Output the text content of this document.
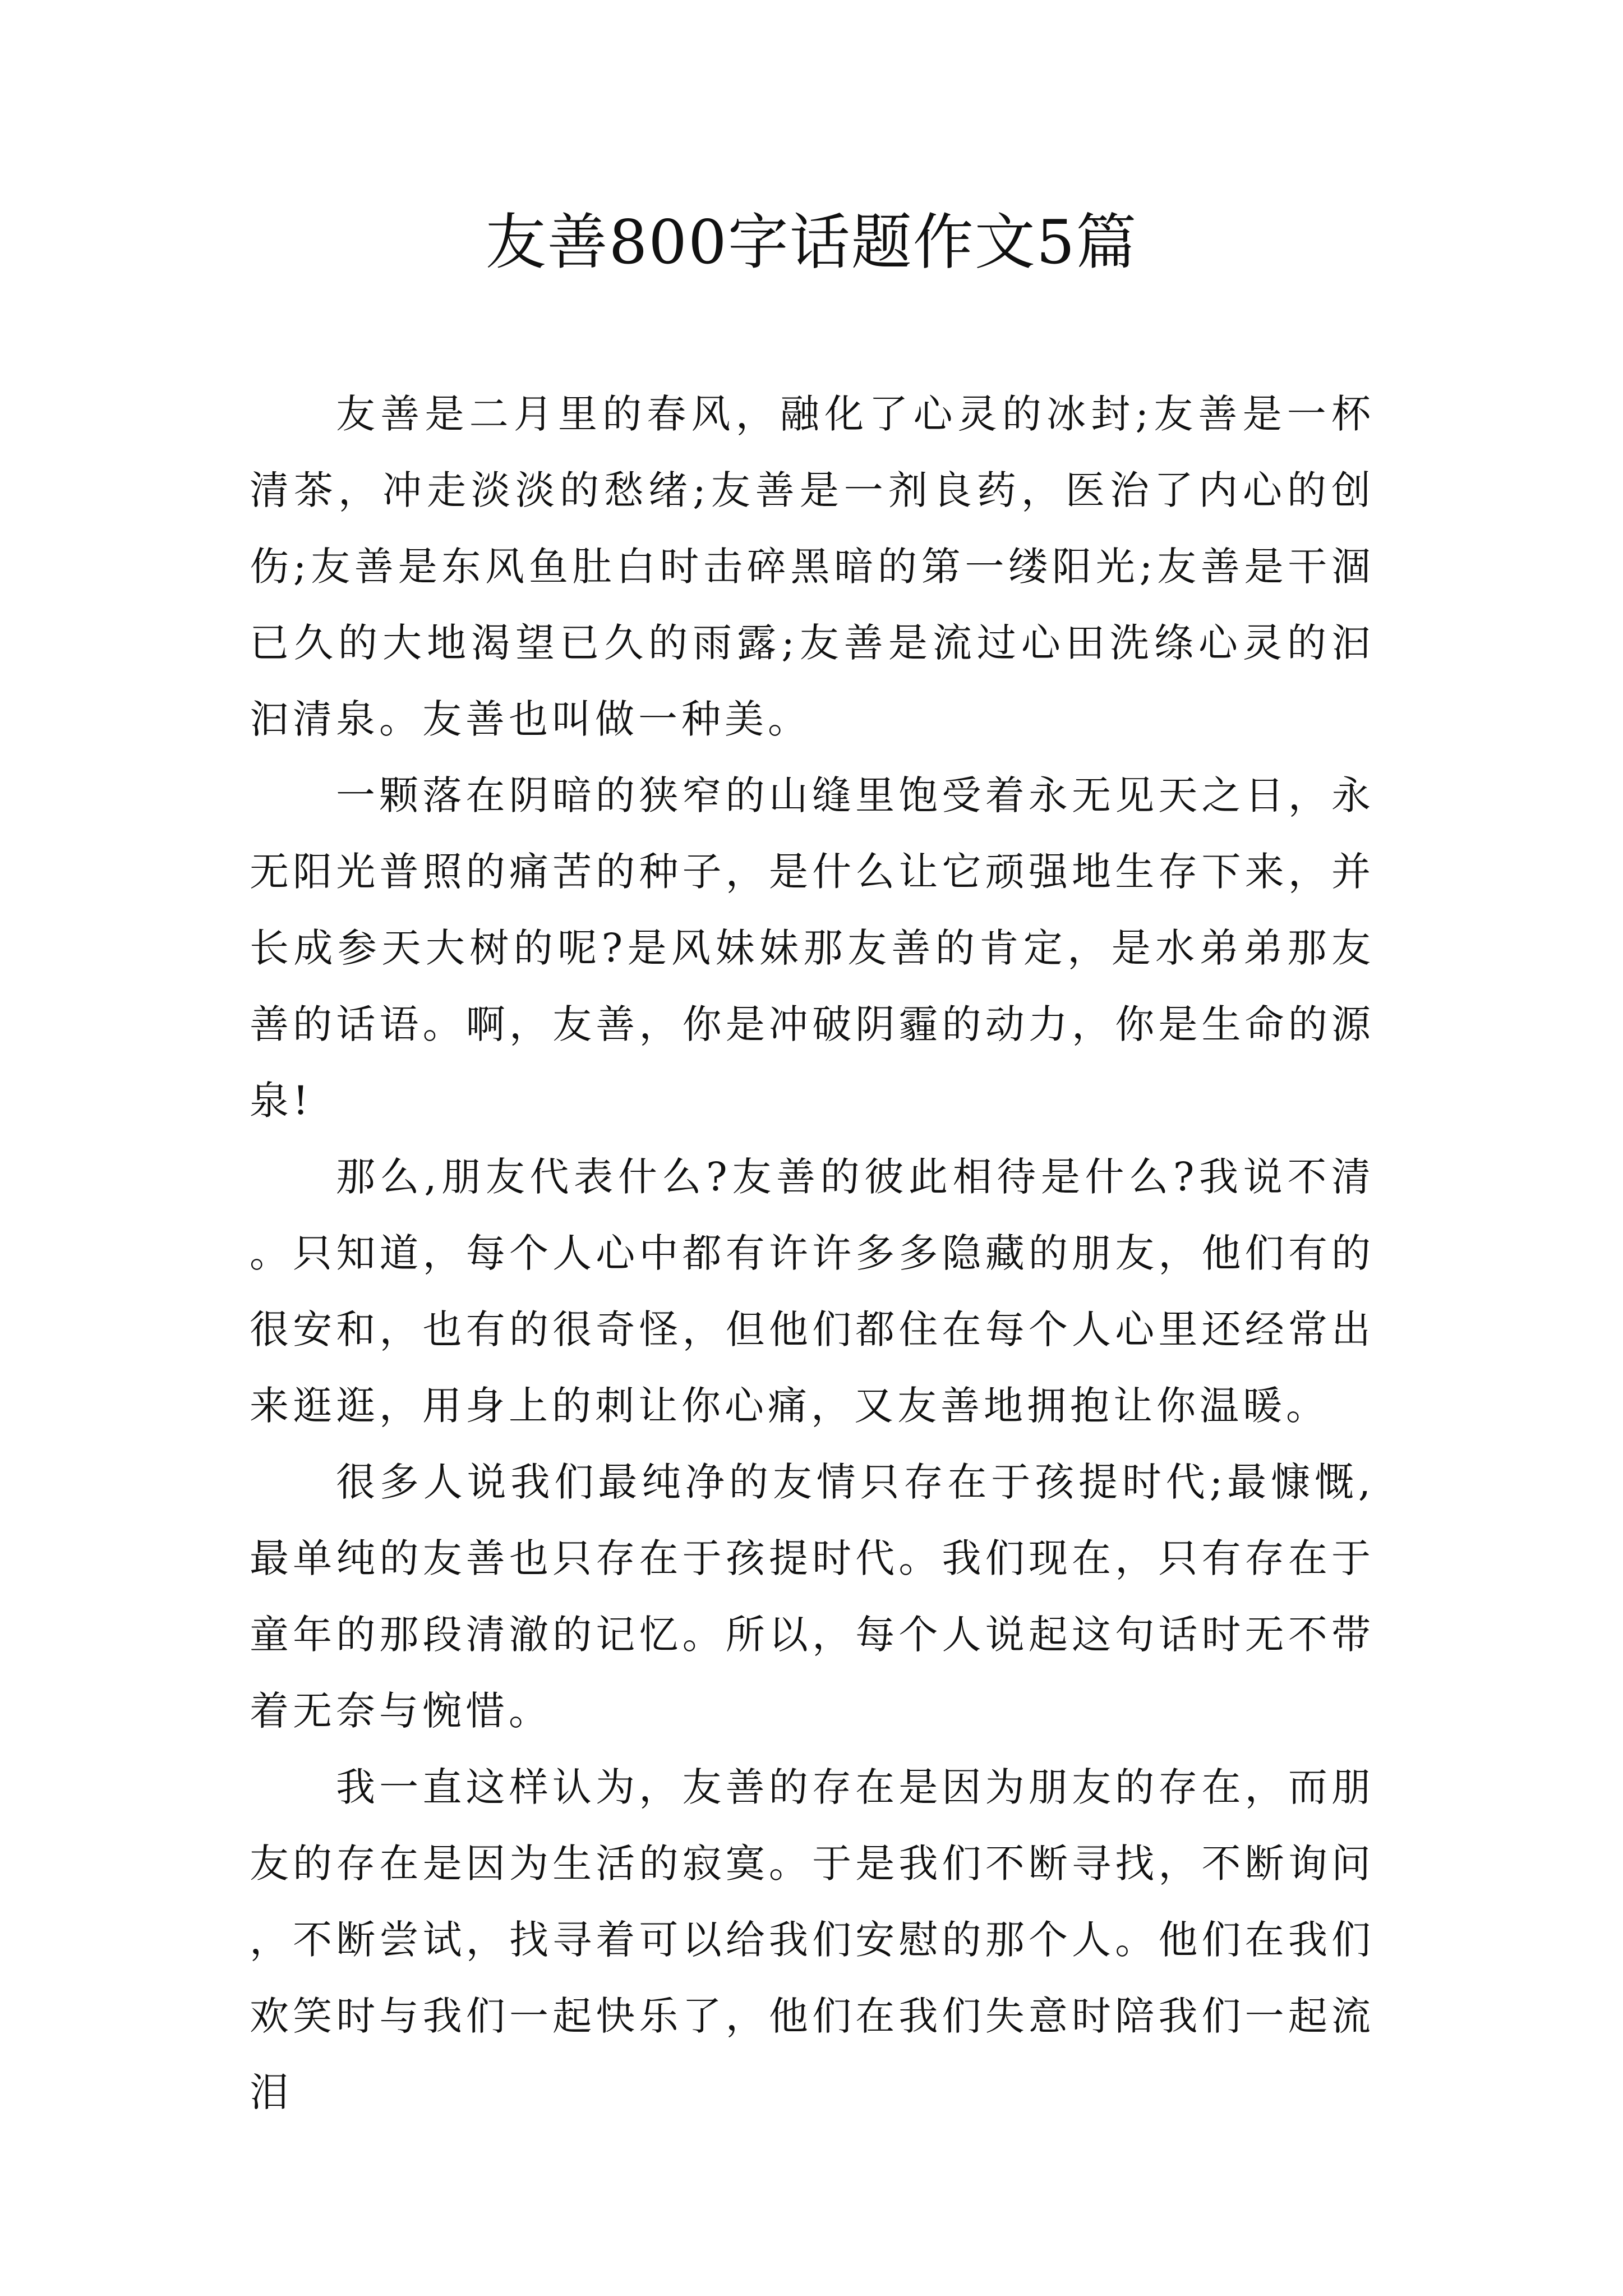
友善800字话题作文5篇

友善是二月里的春风，融化了心灵的冰封;友善是一杯清茶，冲走淡淡的愁绪;友善是一剂良药，医治了内心的创伤;友善是东风鱼肚白时击碎黑暗的第一缕阳光;友善是干涸已久的大地渴望已久的雨露;友善是流过心田洗绦心灵的汩汩清泉。友善也叫做一种美。

一颗落在阴暗的狭窄的山缝里饱受着永无见天之日，永无阳光普照的痛苦的种子，是什么让它顽强地生存下来，并长成参天大树的呢?是风妹妹那友善的肯定，是水弟弟那友善的话语。啊，友善，你是冲破阴霾的动力，你是生命的源泉!

那么,朋友代表什么?友善的彼此相待是什么?我说不清。只知道，每个人心中都有许许多多隐藏的朋友，他们有的很安和，也有的很奇怪，但他们都住在每个人心里还经常出来逛逛，用身上的刺让你心痛，又友善地拥抱让你温暖。

很多人说我们最纯净的友情只存在于孩提时代;最慷慨,最单纯的友善也只存在于孩提时代。我们现在，只有存在于童年的那段清澈的记忆。所以，每个人说起这句话时无不带着无奈与惋惜。

我一直这样认为，友善的存在是因为朋友的存在，而朋友的存在是因为生活的寂寞。于是我们不断寻找，不断询问，不断尝试，找寻着可以给我们安慰的那个人。他们在我们欢笑时与我们一起快乐了，他们在我们失意时陪我们一起流泪
